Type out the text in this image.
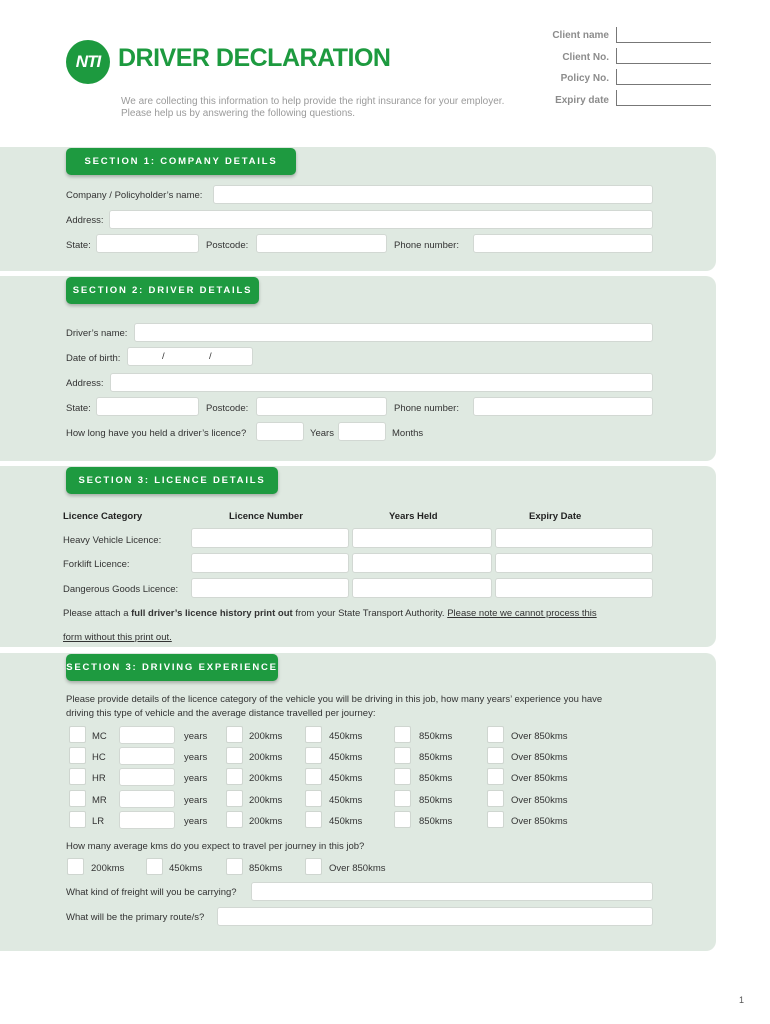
NTI DRIVER DECLARATION
We are collecting this information to help provide the right insurance for your employer.
Please help us by answering the following questions.
Client name
Client No.
Policy No.
Expiry date
SECTION 1: COMPANY DETAILS
Company / Policyholder’s name:
Address:
State:	Postcode:	Phone number:
SECTION 2: DRIVER DETAILS
Driver’s name:
Date of birth:	/	/
Address:
State:	Postcode:	Phone number:
How long have you held a driver’s licence?	Years	Months
SECTION 3: LICENCE DETAILS
Licence Category	Licence Number	Years Held	Expiry Date
Heavy Vehicle Licence:
Forklift Licence:
Dangerous Goods Licence:
Please attach a full driver’s licence history print out from your State Transport Authority. Please note we cannot process this
form without this print out.
SECTION 3: DRIVING EXPERIENCE
Please provide details of the licence category of the vehicle you will be driving in this job, how many years’ experience you have
driving this type of vehicle and the average distance travelled per journey:
MC	years	200kms	450kms	850kms	Over 850kms
HC	years	200kms	450kms	850kms	Over 850kms
HR	years	200kms	450kms	850kms	Over 850kms
MR	years	200kms	450kms	850kms	Over 850kms
LR	years	200kms	450kms	850kms	Over 850kms
How many average kms do you expect to travel per journey in this job?
200kms	450kms	850kms	Over 850kms
What kind of freight will you be carrying?
What will be the primary route/s?
1
